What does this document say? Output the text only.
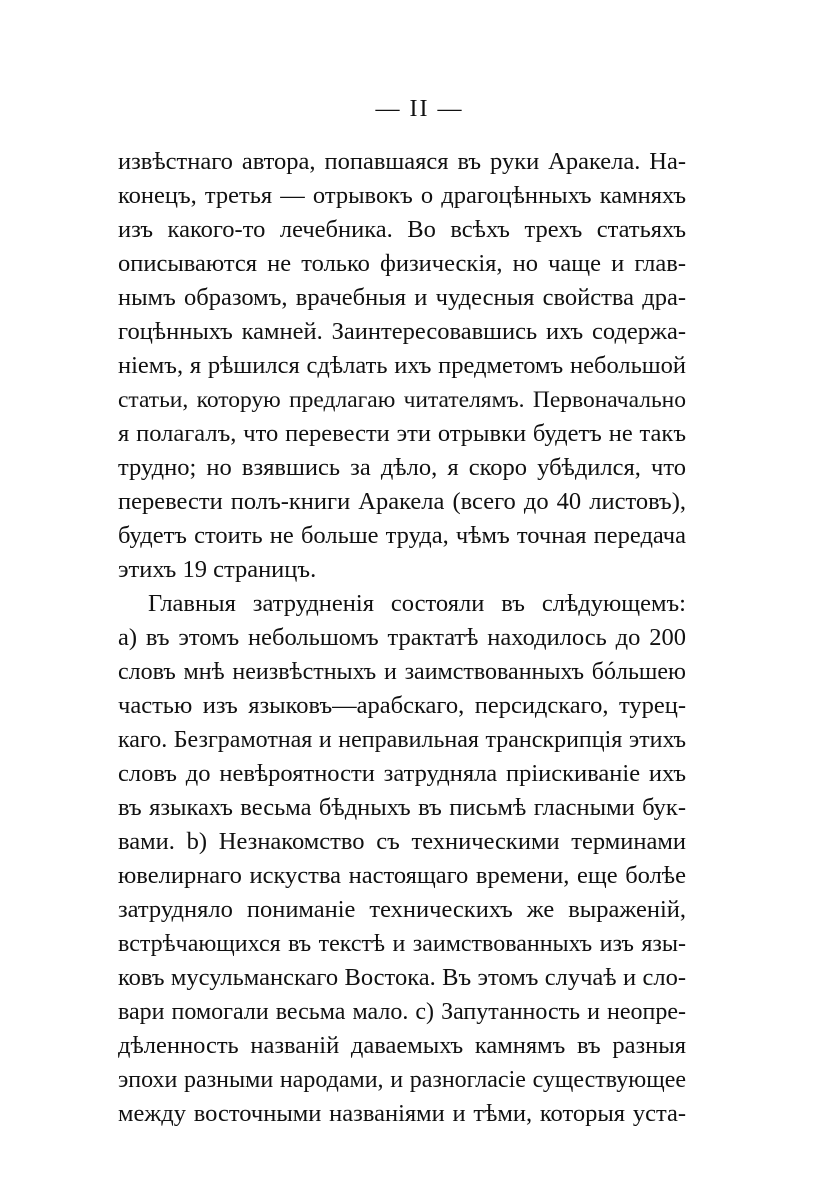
— II —
извѣстнаго автора, попавшаяся въ руки Аракела. На-
конецъ, третья — отрывокъ о драгоцѣнныхъ камняхъ
изъ какого-то лечебника. Во всѣхъ трехъ статьяхъ
описываются не только физическія, но чаще и глав-
нымъ образомъ, врачебныя и чудесныя свойства дра-
гоцѣнныхъ камней. Заинтересовавшись ихъ содержа-
ніемъ, я рѣшился сдѣлать ихъ предметомъ небольшой
статьи, которую предлагаю читателямъ. Первоначально
я полагалъ, что перевести эти отрывки будетъ не такъ
трудно; но взявшись за дѣло, я скоро убѣдился, что
перевести полъ-книги Аракела (всего до 40 листовъ),
будетъ стоить не больше труда, чѣмъ точная передача
этихъ 19 страницъ.
Главныя затрудненія состояли въ слѣдующемъ:
a) въ этомъ небольшомъ трактатѣ находилось до 200
словъ мнѣ неизвѣстныхъ и заимствованныхъ бóльшею
частью изъ языковъ—арабскаго, персидскаго, турец-
каго. Безграмотная и неправильная транскрипція этихъ
словъ до невѣроятности затрудняла пріискиваніе ихъ
въ языкахъ весьма бѣдныхъ въ письмѣ гласными бук-
вами. b) Незнакомство съ техническими терминами
ювелирнаго искуства настоящаго времени, еще болѣе
затрудняло пониманіе техническихъ же выраженій,
встрѣчающихся въ текстѣ и заимствованныхъ изъ язы-
ковъ мусульманскаго Востока. Въ этомъ случаѣ и сло-
вари помогали весьма мало. c) Запутанность и неопре-
дѣленность названій даваемыхъ камнямъ въ разныя
эпохи разными народами, и разногласіе существующее
между восточными названіями и тѣми, которыя уста-
